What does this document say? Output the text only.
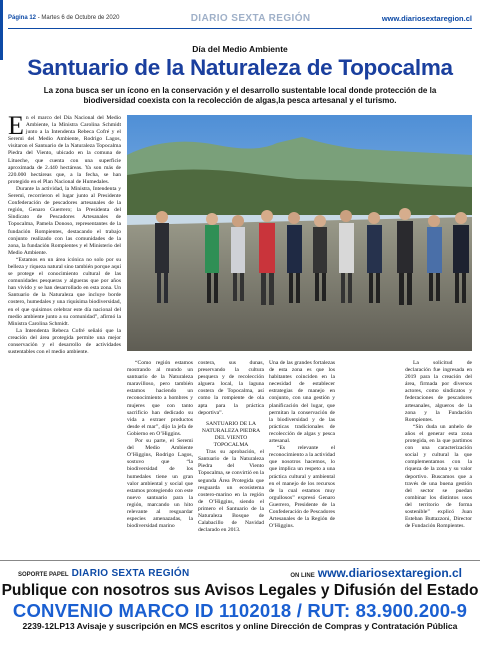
Página 12 - Martes 6 de Octubre de 2020	DIARIO SEXTA REGIÓN	www.diariosextaregion.cl
Día del Medio Ambiente
Santuario de la Naturaleza de Topocalma
La zona busca ser un ícono en la conservación y el desarrollo sustentable local donde protección de la biodiversidad coexista con la recolección de algas,la pesca artesanal y el turismo.

En el marco del Día Nacional del Medio Ambiente, la Ministra Carolina Schmidt junto a la Intendenta Rebeca Cofré y el Seremi del Medio Ambiente, Rodrigo Lagos, visitaron el Santuario de la Naturaleza Topocalma Piedra del Viento, ubicado en la comuna de Litueche, que cuenta con una superficie aproximada de 2.440 hectáreas. Ya son más de 220.000 hectáreas que, a la fecha, se han protegido en el Plan Nacional de Humedales.

Durante la actividad, la Ministra, Intendenta y Seremi, recorrieron el lugar junto al Presidente Confederación de pescadores artesanales de la región, Genaro Guerrero; la Presidenta del Sindicato de Pescadores Artesanales de Topocalma, Pamela Donoso, representantes de la fundación Rompientes, destacando el trabajo conjunto realizado con las comunidades de la zona, la fundación Rompientes y el Ministerio del Medio Ambiente.

“Estamos en un área icónica no solo por su belleza y riqueza natural sino también porque aquí se protege el conocimiento cultural de las comunidades pesqueras y algueras que por años han vivido y se han desarrollado en esta zona. Un Santuario de la Naturaleza que incluye borde costero, humedales y una riquísima biodiversidad, en el que quisimos celebrar este día nacional del medio ambiente junto a su comunidad”, afirmó la Ministra Carolina Schmidt.

La Intendenta Rebeca Cofré señaló que la creación del área protegida permite una mejor conservación y el desarrollo de actividades sustentables con el medio ambiente.

“Como región estamos mostrando al mundo un santuario de la Naturaleza maravilloso, pero también estamos haciendo un reconocimiento a hombres y mujeres que con tanto sacrificio han dedicado su vida a extraer productos desde el mar”, dijo la jefa de Gobierno en O’Higgins.

Por su parte, el Seremi del Medio Ambiente O’Higgins, Rodrigo Lagos, sostuvo que “la biodiversidad de los humedales tiene un gran valor ambiental y social que estamos protegiendo con este nuevo santuario para la región, marcando un hito relevante al resguardar especies amenazadas, la biodiversidad marino

costera, sus dunas, preservando la cultura pesquera y de recolección alguera local, la laguna costera de Topocalma, así como la rompiente de ola apta para la práctica deportiva”.

SANTUARIO DE LA NATURALEZA PIEDRA DEL VIENTO TOPOCALMA

Tras su aprobación, el Santuario de la Naturaleza Piedra del Viento Topocalma, se convirtió en la segunda Área Protegida que resguarda un ecosistema costero-marino en la región de O’Higgins, siendo el primero el Santuario de la Naturaleza Bosque de Calabacillo de Navidad declarado en 2013.

Una de las grandes fortalezas de esta zona es que los habitantes coinciden en la necesidad de establecer estrategias de manejo en conjunto, con una gestión y planificación del lugar, que permitan la conservación de la biodiversidad y de las prácticas tradicionales de recolección de algas y pesca artesanal.

“Es relevante el reconocimiento a la actividad que nosotros hacemos, lo que implica un respeto a una práctica cultural y ambiental en el manejo de los recursos de la cual estamos muy orgullosos” expresó Genaro Guerrero, Presidente de la Confederación de Pescadores Artesanales de la Región de O’Higgins.

La solicitud de declaración fue ingresada en 2019 para la creación del área, firmada por diversos actores, como sindicatos y federaciones de pescadores artesanales, algueros de la zona y la Fundación Rompientes.

“Sin duda un anhelo de años el generar esta zona protegida, en la que partimos con una caracterización social y cultural la que complementamos con la riqueza de la zona y su valor deportivo. Buscamos que a través de una buena gestión del sector se puedan combinar los distintos usos del territorio de forma sostenible” explicó Juan Esteban Buttazzoni, Director de Fundación Rompientes.

SOPORTE PAPEL DIARIO SEXTA REGIÓN	ON LINE www.diariosextaregion.cl
Publique con nosotros sus Avisos Legales y Difusión del Estado
CONVENIO MARCO ID 1102018 / RUT: 83.900.200-9
2239-12LP13 Avisaje y suscripción en MCS escritos y online Dirección de Compras y Contratación Pública
